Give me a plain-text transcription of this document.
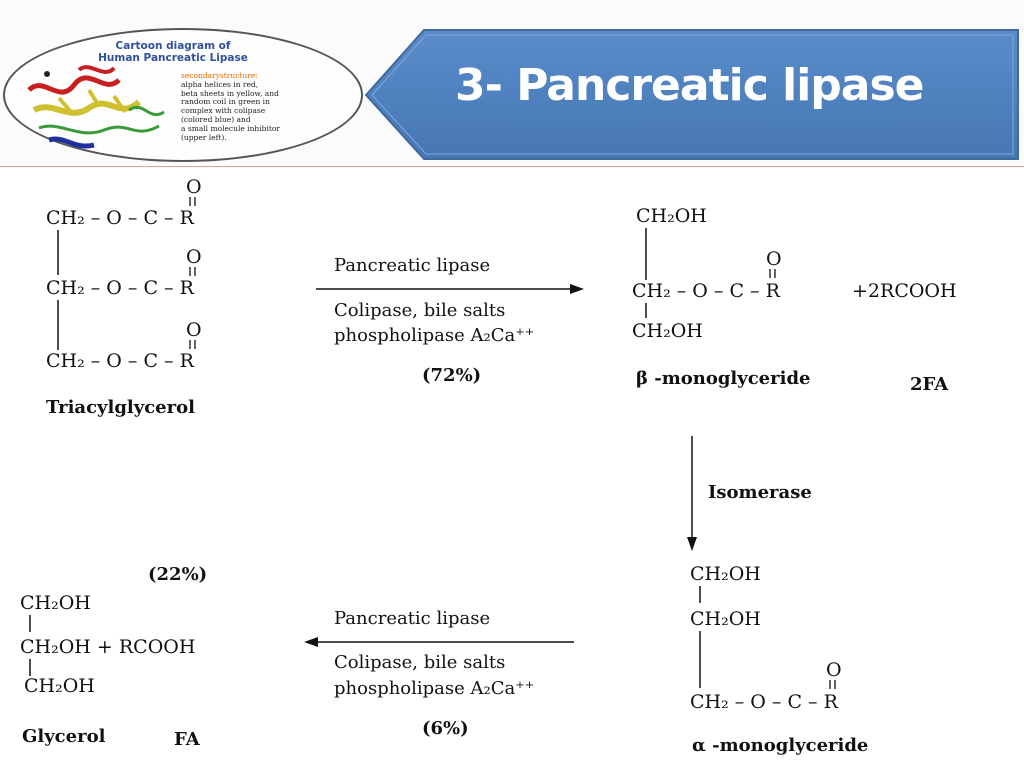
Cartoon diagram of
Human Pancreatic Lipase
secondarystructure:
alpha helices in red,
beta sheets in yellow, and
random coil in green in
complex with colipase
(colored blue) and
a small molecule inhibitor
(upper left).
3- Pancreatic lipase
O
CH₂ – O – C – R
O
CH₂ – O – C – R
O
CH₂ – O – C – R
Triacylglycerol
Pancreatic lipase
Colipase, bile salts
phospholipase A₂Ca⁺⁺
(72%)
CH₂OH
O
CH₂ – O – C – R	+2RCOOH
CH₂OH
β -monoglyceride	2FA
Isomerase
CH₂OH
CH₂OH
O
CH₂ – O – C – R
α -monoglyceride
Pancreatic lipase
Colipase, bile salts
phospholipase A₂Ca⁺⁺
(6%)
(22%)
CH₂OH
CH₂OH + RCOOH
CH₂OH
Glycerol	FA
